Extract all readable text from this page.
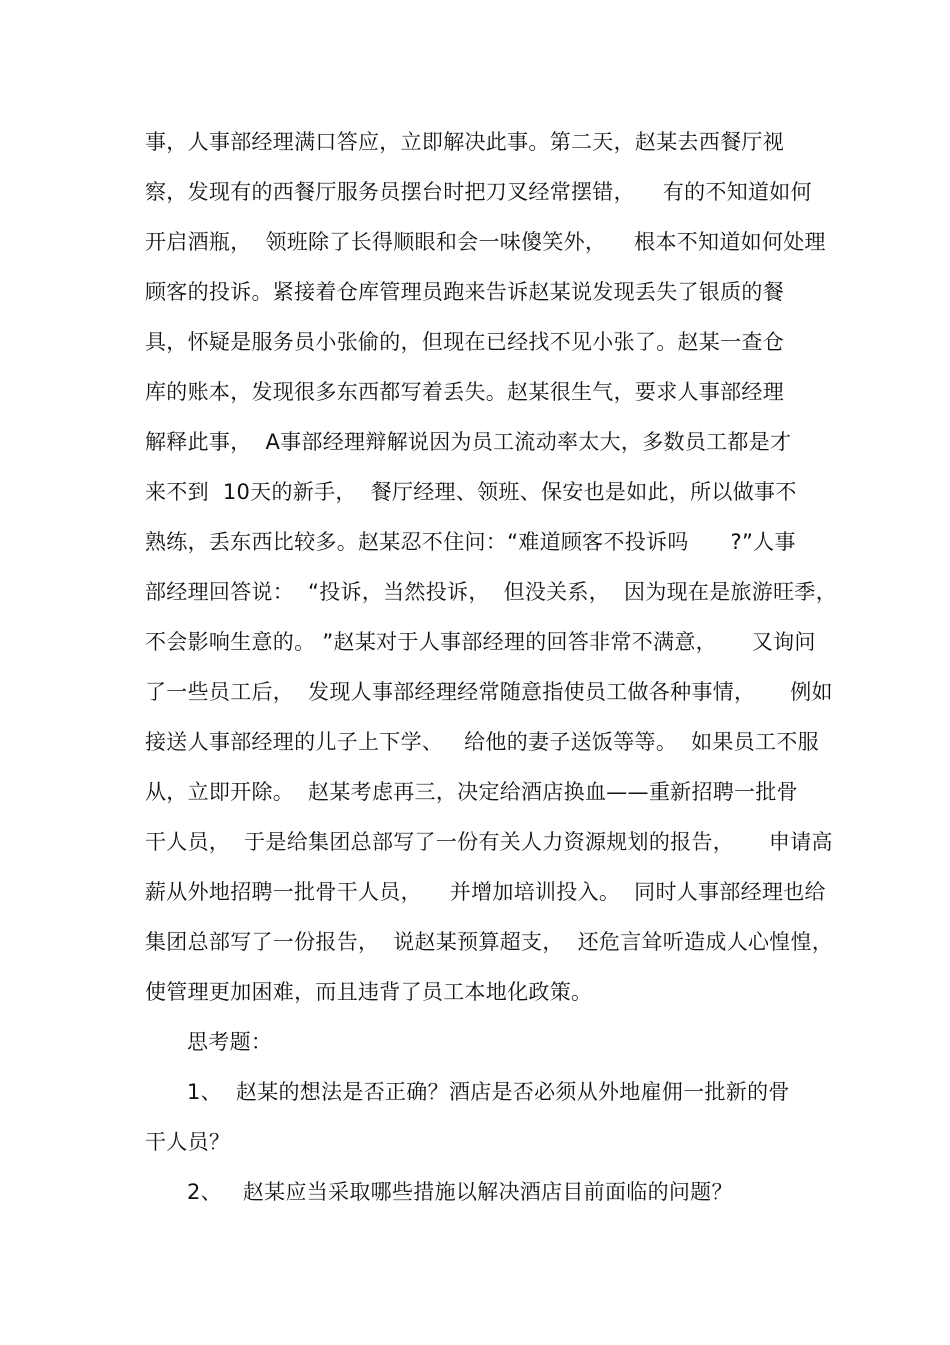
事，人事部经理满口答应，立即解决此事。第二天，赵某去西餐厅视
察，发现有的西餐厅服务员摆台时把刀叉经常摆错，    有的不知道如何
开启酒瓶，  领班除了长得顺眼和会一味傻笑外，    根本不知道如何处理
顾客的投诉。紧接着仓库管理员跑来告诉赵某说发现丢失了银质的餐
具，怀疑是服务员小张偷的，但现在已经找不见小张了。赵某一查仓
库的账本，发现很多东西都写着丢失。赵某很生气，要求人事部经理
解释此事，  A事部经理辩解说因为员工流动率太大，多数员工都是才
来不到  10天的新手，  餐厅经理、领班、保安也是如此，所以做事不
熟练，丢东西比较多。赵某忍不住问：“难道顾客不投诉吗      ?”人事
部经理回答说：  “投诉，当然投诉，  但没关系，  因为现在是旅游旺季，
不会影响生意的。 ”赵某对于人事部经理的回答非常不满意，     又询问
了一些员工后，  发现人事部经理经常随意指使员工做各种事情，     例如
接送人事部经理的儿子上下学、   给他的妻子送饭等等。  如果员工不服
从，立即开除。  赵某考虑再三，决定给酒店换血——重新招聘一批骨
干人员，  于是给集团总部写了一份有关人力资源规划的报告，     申请高
薪从外地招聘一批骨干人员，    并增加培训投入。  同时人事部经理也给
集团总部写了一份报告，  说赵某预算超支，  还危言耸听造成人心惶惶，
使管理更加困难，而且违背了员工本地化政策。
思考题：
1、  赵某的想法是否正确？酒店是否必须从外地雇佣一批新的骨
干人员？
2、   赵某应当采取哪些措施以解决酒店目前面临的问题？
